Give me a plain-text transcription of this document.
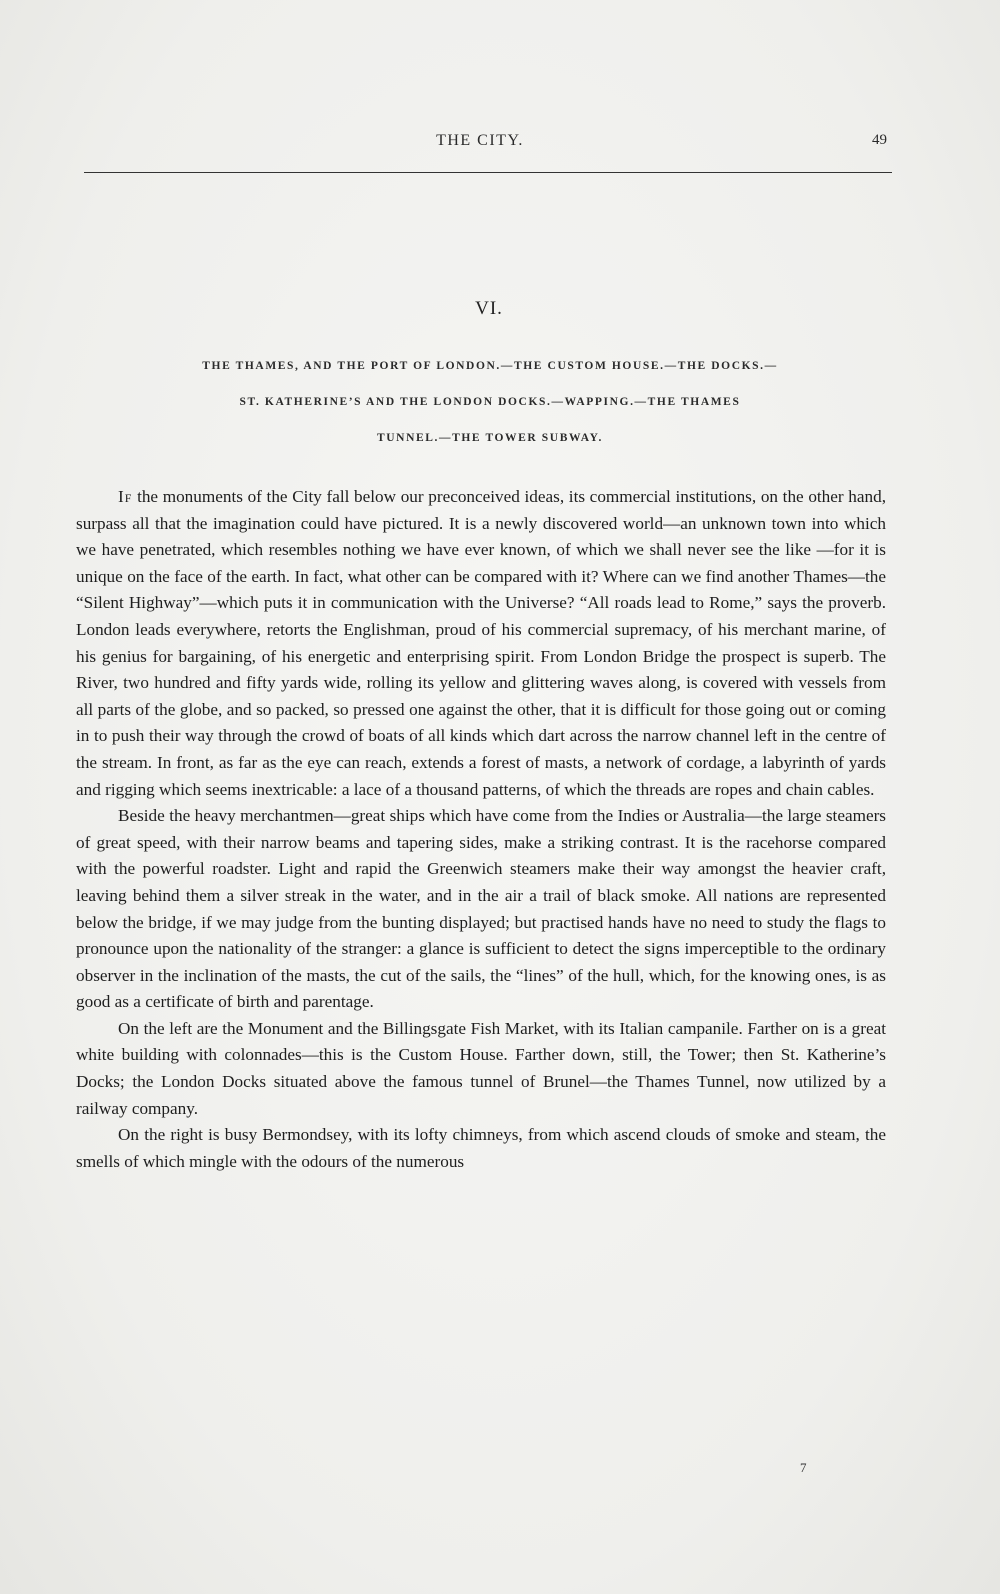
THE CITY.	49
VI.
THE THAMES, AND THE PORT OF LONDON.—THE CUSTOM HOUSE.—THE DOCKS.—
ST. KATHERINE’S AND THE LONDON DOCKS.—WAPPING.—THE THAMES
TUNNEL.—THE TOWER SUBWAY.

If the monuments of the City fall below our preconceived ideas, its commercial institutions, on the other hand, surpass all that the imagination could have pictured. It is a newly discovered world—an unknown town into which we have penetrated, which resembles nothing we have ever known, of which we shall never see the like —for it is unique on the face of the earth. In fact, what other can be compared with it? Where can we find another Thames—the “Silent Highway”—which puts it in communication with the Universe? “All roads lead to Rome,” says the proverb. London leads everywhere, retorts the Englishman, proud of his commercial supremacy, of his merchant marine, of his genius for bargaining, of his energetic and enterprising spirit. From London Bridge the prospect is superb. The River, two hundred and fifty yards wide, rolling its yellow and glittering waves along, is covered with vessels from all parts of the globe, and so packed, so pressed one against the other, that it is difficult for those going out or coming in to push their way through the crowd of boats of all kinds which dart across the narrow channel left in the centre of the stream. In front, as far as the eye can reach, extends a forest of masts, a network of cordage, a labyrinth of yards and rigging which seems inextricable: a lace of a thousand patterns, of which the threads are ropes and chain cables.

Beside the heavy merchantmen—great ships which have come from the Indies or Australia—the large steamers of great speed, with their narrow beams and tapering sides, make a striking contrast. It is the racehorse compared with the powerful roadster. Light and rapid the Greenwich steamers make their way amongst the heavier craft, leaving behind them a silver streak in the water, and in the air a trail of black smoke. All nations are represented below the bridge, if we may judge from the bunting displayed; but practised hands have no need to study the flags to pronounce upon the nationality of the stranger: a glance is sufficient to detect the signs imperceptible to the ordinary observer in the inclination of the masts, the cut of the sails, the “lines” of the hull, which, for the knowing ones, is as good as a certificate of birth and parentage.

On the left are the Monument and the Billingsgate Fish Market, with its Italian campanile. Farther on is a great white building with colonnades—this is the Custom House. Farther down, still, the Tower; then St. Katherine’s Docks; the London Docks situated above the famous tunnel of Brunel—the Thames Tunnel, now utilized by a railway company.

On the right is busy Bermondsey, with its lofty chimneys, from which ascend clouds of smoke and steam, the smells of which mingle with the odours of the numerous

7
